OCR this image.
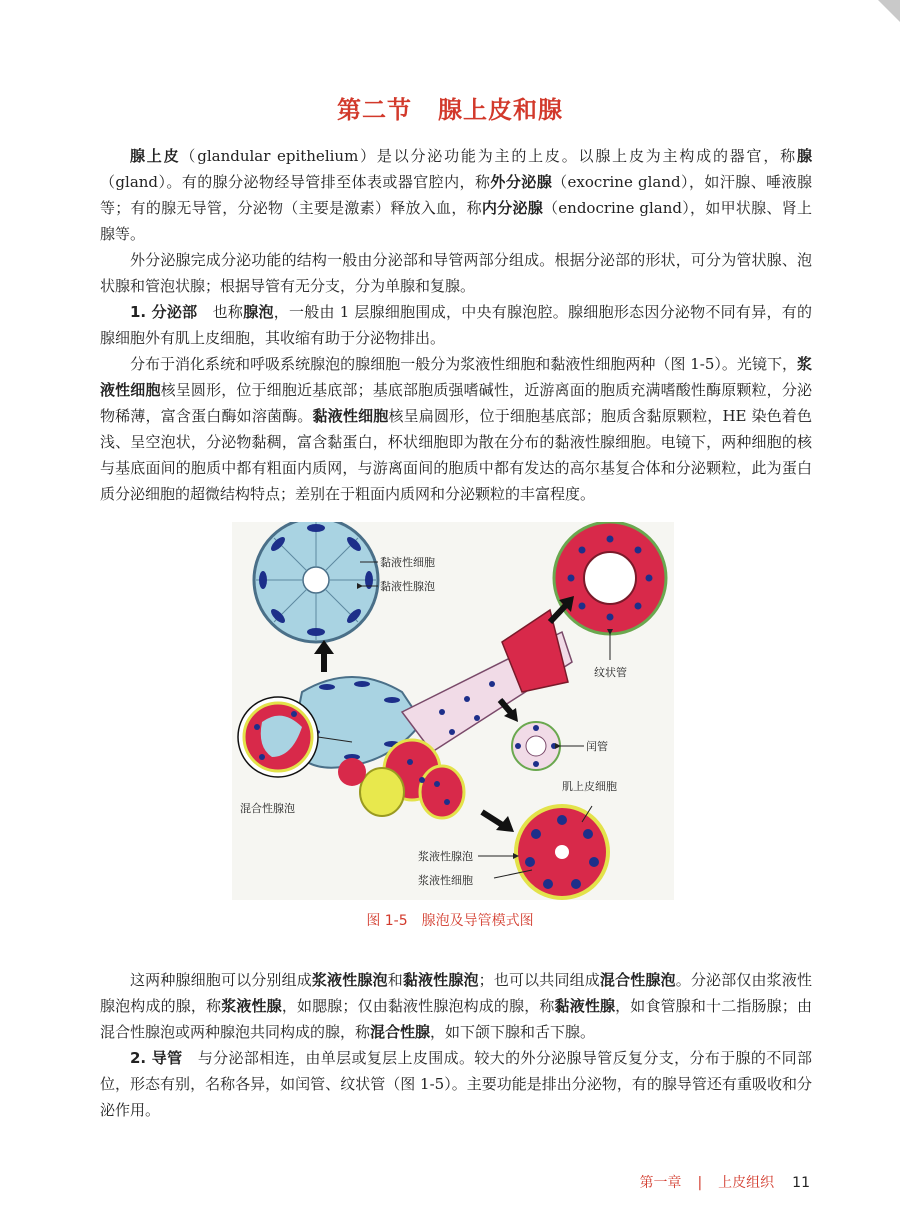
第二节 腺上皮和腺

腺上皮（glandular epithelium）是以分泌功能为主的上皮。以腺上皮为主构成的器官，称腺（gland）。有的腺分泌物经导管排至体表或器官腔内，称外分泌腺（exocrine gland），如汗腺、唾液腺等；有的腺无导管，分泌物（主要是激素）释放入血，称内分泌腺（endocrine gland），如甲状腺、肾上腺等。

外分泌腺完成分泌功能的结构一般由分泌部和导管两部分组成。根据分泌部的形状，可分为管状腺、泡状腺和管泡状腺；根据导管有无分支，分为单腺和复腺。

1. 分泌部　也称腺泡，一般由 1 层腺细胞围成，中央有腺泡腔。腺细胞形态因分泌物不同有异，有的腺细胞外有肌上皮细胞，其收缩有助于分泌物排出。

分布于消化系统和呼吸系统腺泡的腺细胞一般分为浆液性细胞和黏液性细胞两种（图 1-5）。光镜下，浆液性细胞核呈圆形，位于细胞近基底部；基底部胞质强嗜碱性，近游离面的胞质充满嗜酸性酶原颗粒，分泌物稀薄，富含蛋白酶如溶菌酶。黏液性细胞核呈扁圆形，位于细胞基底部；胞质含黏原颗粒，HE 染色着色浅、呈空泡状，分泌物黏稠，富含黏蛋白，杯状细胞即为散在分布的黏液性腺细胞。电镜下，两种细胞的核与基底面间的胞质中都有粗面内质网，与游离面间的胞质中都有发达的高尔基复合体和分泌颗粒，此为蛋白质分泌细胞的超微结构特点；差别在于粗面内质网和分泌颗粒的丰富程度。

黏液性细胞
黏液性腺泡
纹状管
闰管
肌上皮细胞
混合性腺泡
浆液性腺泡
浆液性细胞
图 1-5 腺泡及导管模式图

这两种腺细胞可以分别组成浆液性腺泡和黏液性腺泡；也可以共同组成混合性腺泡。分泌部仅由浆液性腺泡构成的腺，称浆液性腺，如腮腺；仅由黏液性腺泡构成的腺，称黏液性腺，如食管腺和十二指肠腺；由混合性腺泡或两种腺泡共同构成的腺，称混合性腺，如下颌下腺和舌下腺。

2. 导管　与分泌部相连，由单层或复层上皮围成。较大的外分泌腺导管反复分支，分布于腺的不同部位，形态有别，名称各异，如闰管、纹状管（图 1-5）。主要功能是排出分泌物，有的腺导管还有重吸收和分泌作用。

第一章 | 上皮组织 11
